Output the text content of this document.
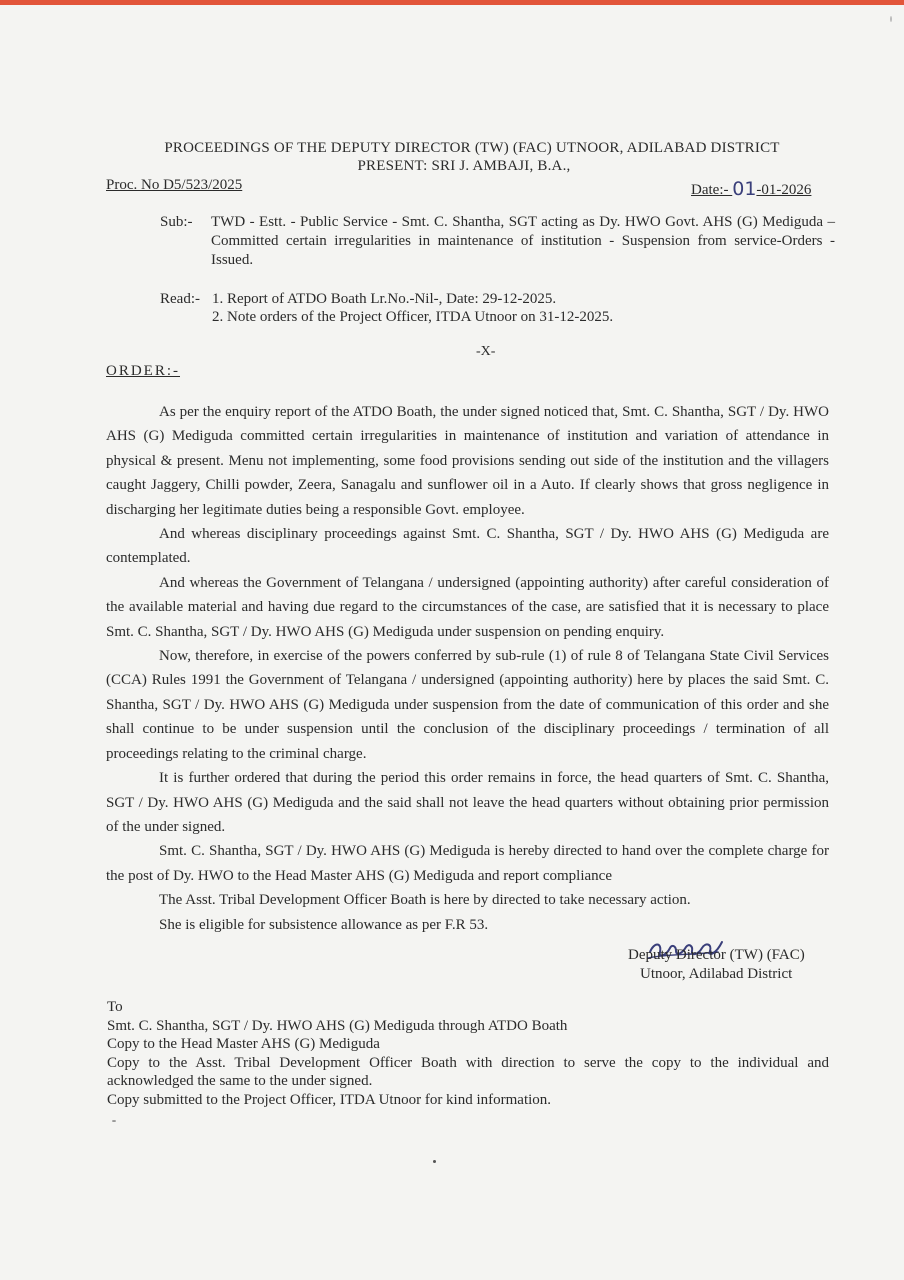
PROCEEDINGS OF THE DEPUTY DIRECTOR (TW) (FAC) UTNOOR, ADILABAD DISTRICT
PRESENT: SRI J. AMBAJI, B.A.,
Proc. No D5/523/2025	Date:- 01-01-2026
Sub:- TWD - Estt. - Public Service - Smt. C. Shantha, SGT acting as Dy. HWO Govt. AHS (G) Mediguda –Committed certain irregularities in maintenance of institution - Suspension from service-Orders -Issued.
Read:- 1. Report of ATDO Boath Lr.No.-Nil-, Date: 29-12-2025.
2. Note orders of the Project Officer, ITDA Utnoor on 31-12-2025.
-X-
ORDER:-

As per the enquiry report of the ATDO Boath, the under signed noticed that, Smt. C. Shantha, SGT / Dy. HWO AHS (G) Mediguda committed certain irregularities in maintenance of institution and variation of attendance in physical & present. Menu not implementing, some food provisions sending out side of the institution and the villagers caught Jaggery, Chilli powder, Zeera, Sanagalu and sunflower oil in a Auto. If clearly shows that gross negligence in discharging her legitimate duties being a responsible Govt. employee.

And whereas disciplinary proceedings against Smt. C. Shantha, SGT / Dy. HWO AHS (G) Mediguda are contemplated.

And whereas the Government of Telangana / undersigned (appointing authority) after careful consideration of the available material and having due regard to the circumstances of the case, are satisfied that it is necessary to place Smt. C. Shantha, SGT / Dy. HWO AHS (G) Mediguda under suspension on pending enquiry.

Now, therefore, in exercise of the powers conferred by sub-rule (1) of rule 8 of Telangana State Civil Services (CCA) Rules 1991 the Government of Telangana / undersigned (appointing authority) here by places the said Smt. C. Shantha, SGT / Dy. HWO AHS (G) Mediguda under suspension from the date of communication of this order and she shall continue to be under suspension until the conclusion of the disciplinary proceedings / termination of all proceedings relating to the criminal charge.

It is further ordered that during the period this order remains in force, the head quarters of Smt. C. Shantha, SGT / Dy. HWO AHS (G) Mediguda and the said shall not leave the head quarters without obtaining prior permission of the under signed.

Smt. C. Shantha, SGT / Dy. HWO AHS (G) Mediguda is hereby directed to hand over the complete charge for the post of Dy. HWO to the Head Master AHS (G) Mediguda and report compliance

The Asst. Tribal Development Officer Boath is here by directed to take necessary action.

She is eligible for subsistence allowance as per F.R 53.

Deputy Director (TW) (FAC)
Utnoor, Adilabad District
To
Smt. C. Shantha, SGT / Dy. HWO AHS (G) Mediguda through ATDO Boath
Copy to the Head Master AHS (G) Mediguda
Copy to the Asst. Tribal Development Officer Boath with direction to serve the copy to the individual and acknowledged the same to the under signed.
Copy submitted to the Project Officer, ITDA Utnoor for kind information.
